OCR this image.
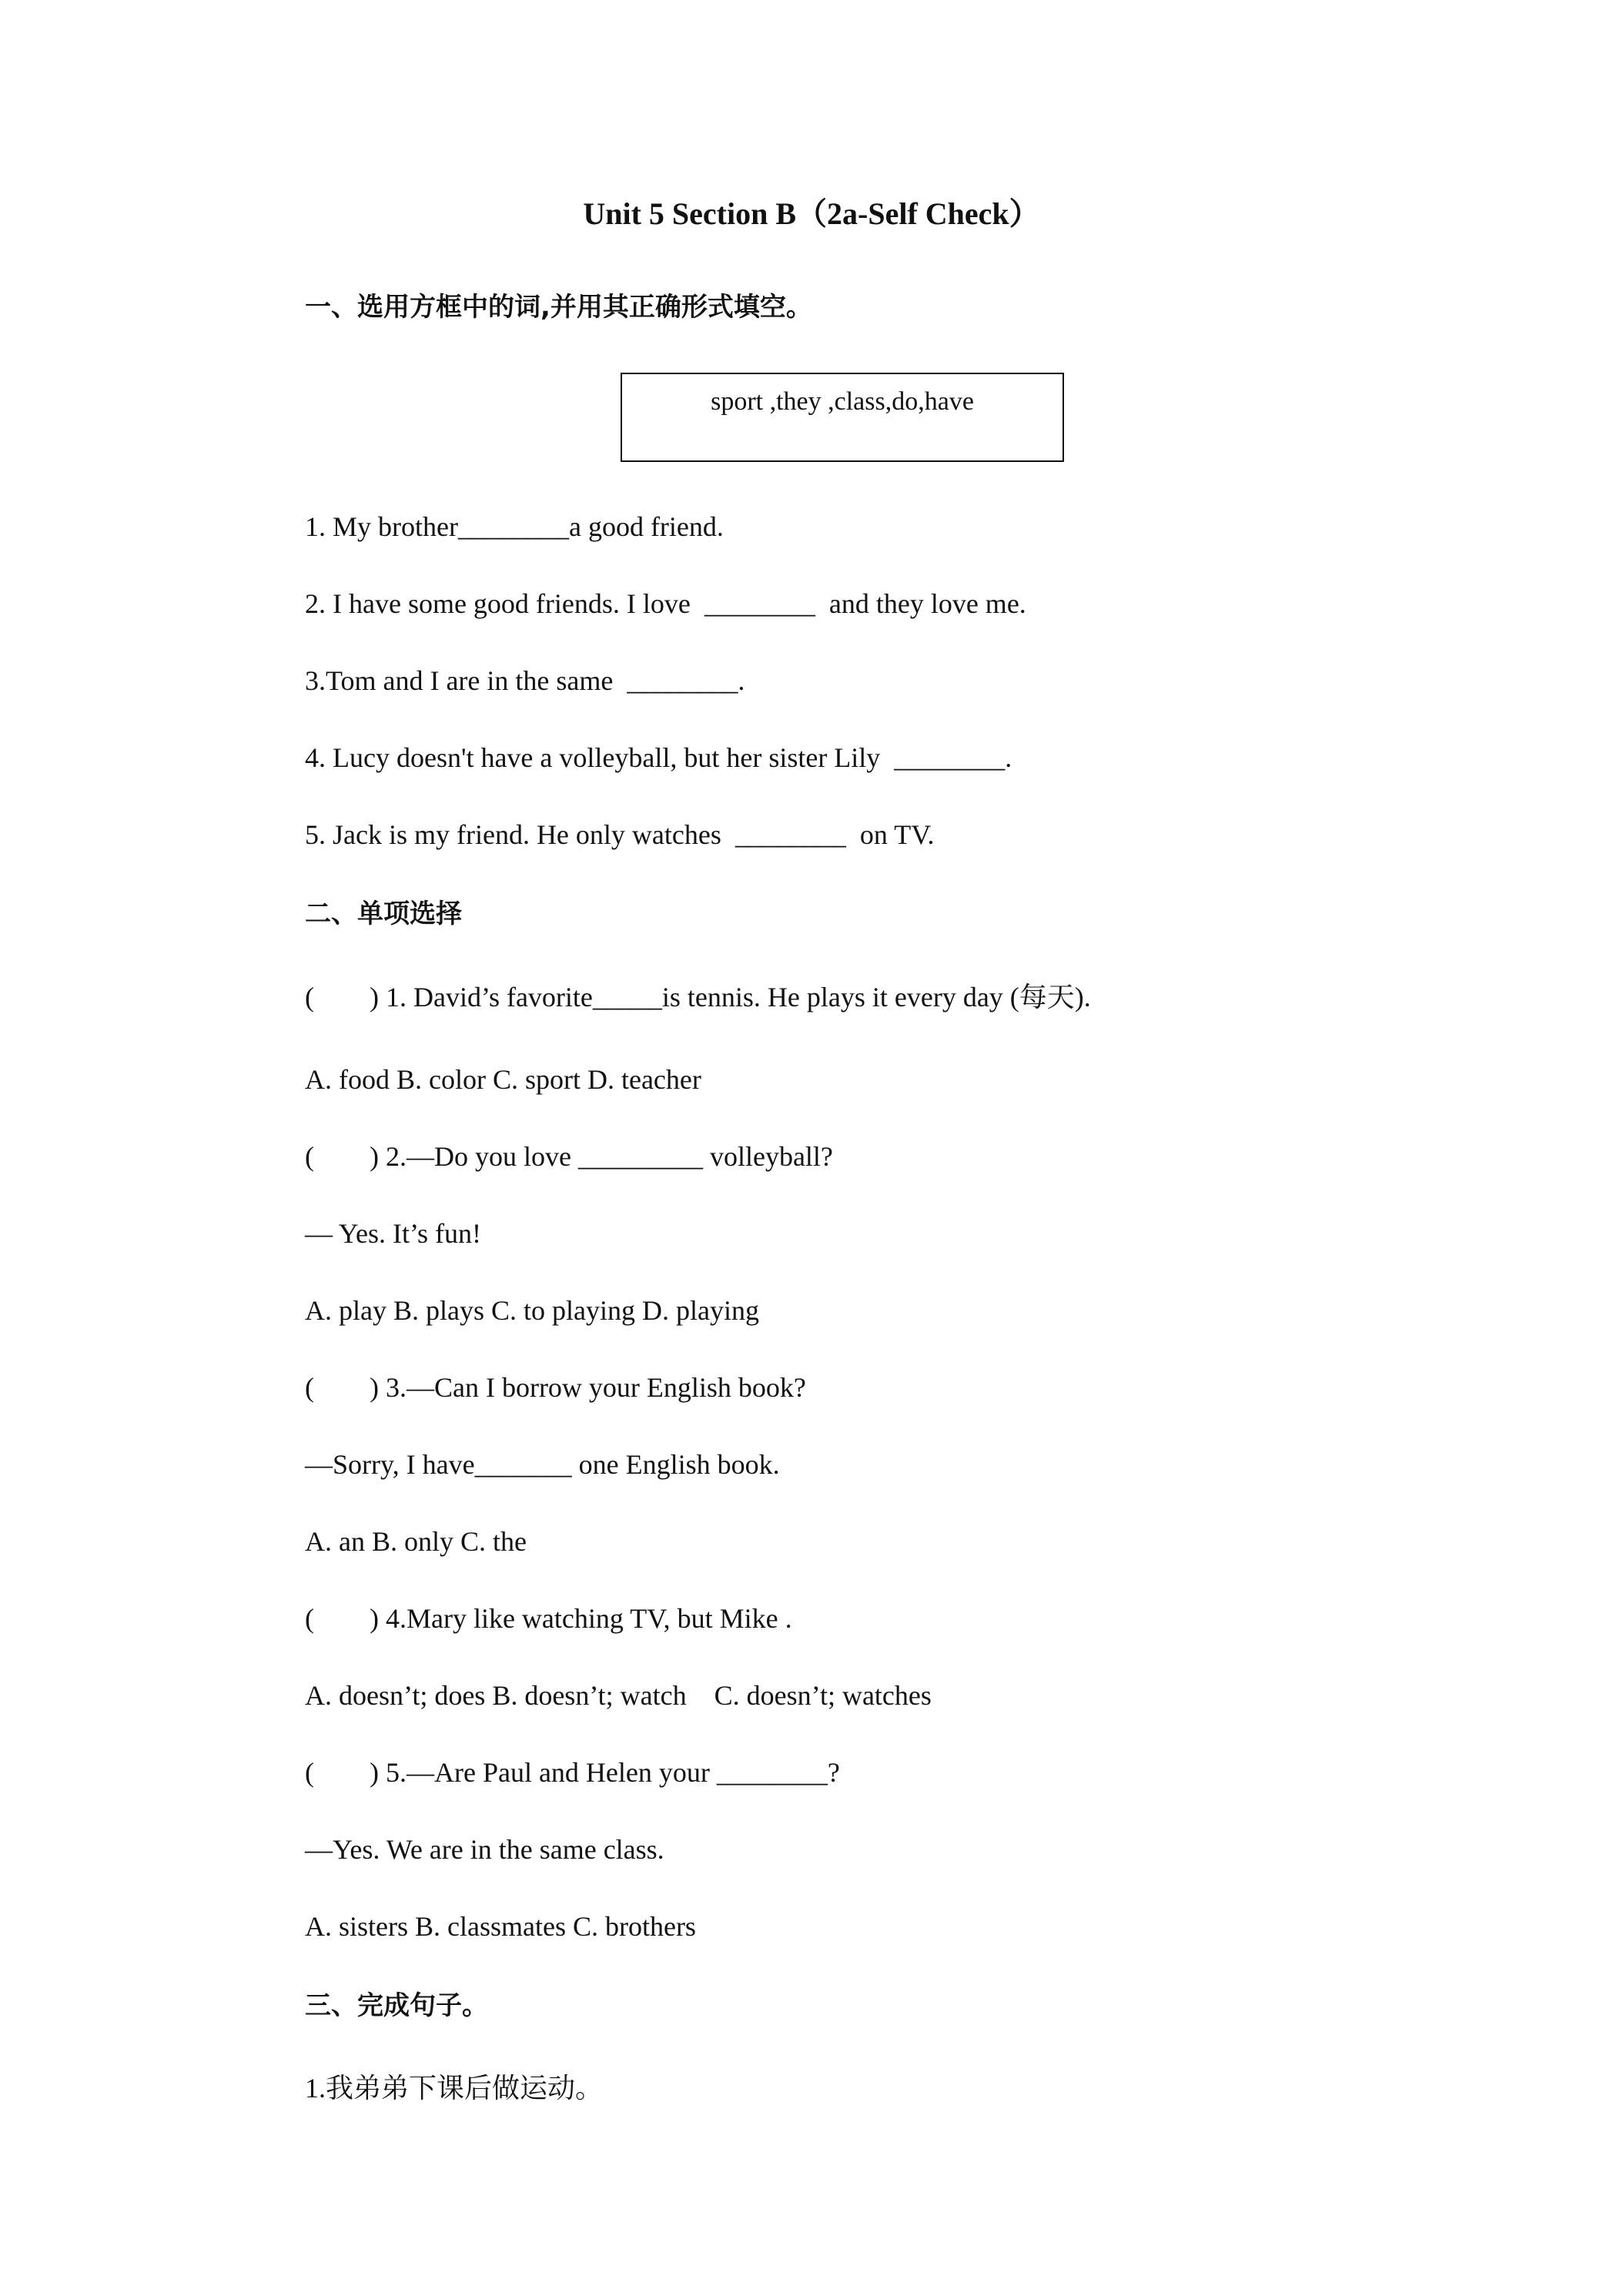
Unit 5 Section B（2a-Self Check）
一、选用方框中的词,并用其正确形式填空。
sport ,they ,class,do,have
1. My brother________a good friend.
2. I have some good friends. I love  ________  and they love me.
3.Tom and I are in the same  ________.
4. Lucy doesn't have a volleyball, but her sister Lily  ________.
5. Jack is my friend. He only watches  ________  on TV.
二、单项选择
(        ) 1. David’s favorite_____is tennis. He plays it every day (每天).
A. food B. color C. sport D. teacher
(        ) 2.—Do you love _________ volleyball?
— Yes. It’s fun!
A. play B. plays C. to playing D. playing
(        ) 3.—Can I borrow your English book?
—Sorry, I have_______ one English book.
A. an B. only C. the
(        ) 4.Mary like watching TV, but Mike .
A. doesn’t; does B. doesn’t; watch    C. doesn’t; watches
(        ) 5.—Are Paul and Helen your ________?
—Yes. We are in the same class.
A. sisters B. classmates C. brothers
三、完成句子。
1.我弟弟下课后做运动。
